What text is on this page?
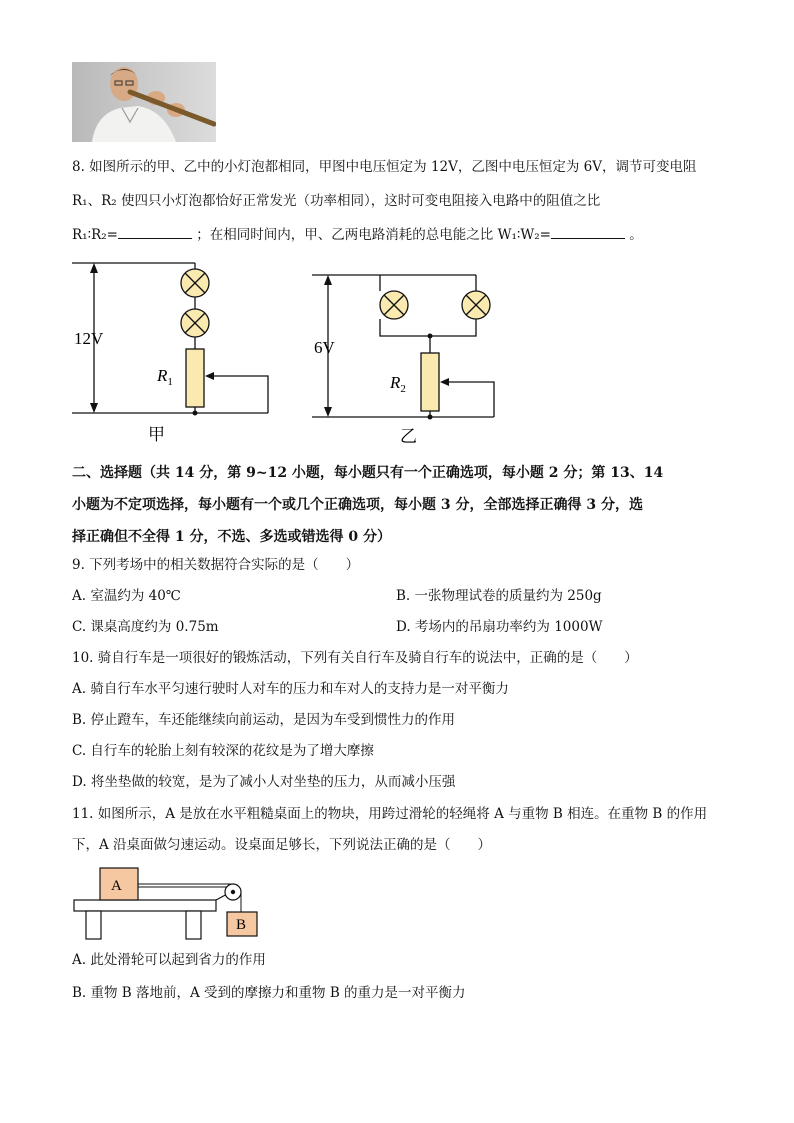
8. 如图所示的甲、乙中的小灯泡都相同，甲图中电压恒定为 12V，乙图中电压恒定为 6V，调节可变电阻
R₁、R₂ 使四只小灯泡都恰好正常发光（功率相同），这时可变电阻接入电路中的阻值之比
R₁∶R₂=	；在相同时间内，甲、乙两电路消耗的总电能之比 W₁∶W₂=	。
12V
$R_1$
甲
6V
$R_2$
乙
二、选择题（共 14 分，第 9~12 小题，每小题只有一个正确选项，每小题 2 分；第 13、14
小题为不定项选择，每小题有一个或几个正确选项，每小题 3 分，全部选择正确得 3 分，选
择正确但不全得 1 分，不选、多选或错选得 0 分）
9. 下列考场中的相关数据符合实际的是（　　）
A. 室温约为 40℃	B. 一张物理试卷的质量约为 250g
C. 课桌高度约为 0.75m	D. 考场内的吊扇功率约为 1000W
10. 骑自行车是一项很好的锻炼活动，下列有关自行车及骑自行车的说法中，正确的是（　　）
A. 骑自行车水平匀速行驶时人对车的压力和车对人的支持力是一对平衡力
B. 停止蹬车，车还能继续向前运动，是因为车受到惯性力的作用
C. 自行车的轮胎上刻有较深的花纹是为了增大摩擦
D. 将坐垫做的较宽，是为了减小人对坐垫的压力，从而减小压强
11. 如图所示，A 是放在水平粗糙桌面上的物块，用跨过滑轮的轻绳将 A 与重物 B 相连。在重物 B 的作用
下，A 沿桌面做匀速运动。设桌面足够长，下列说法正确的是（　　）
A
B
A. 此处滑轮可以起到省力的作用
B. 重物 B 落地前，A 受到的摩擦力和重物 B 的重力是一对平衡力
